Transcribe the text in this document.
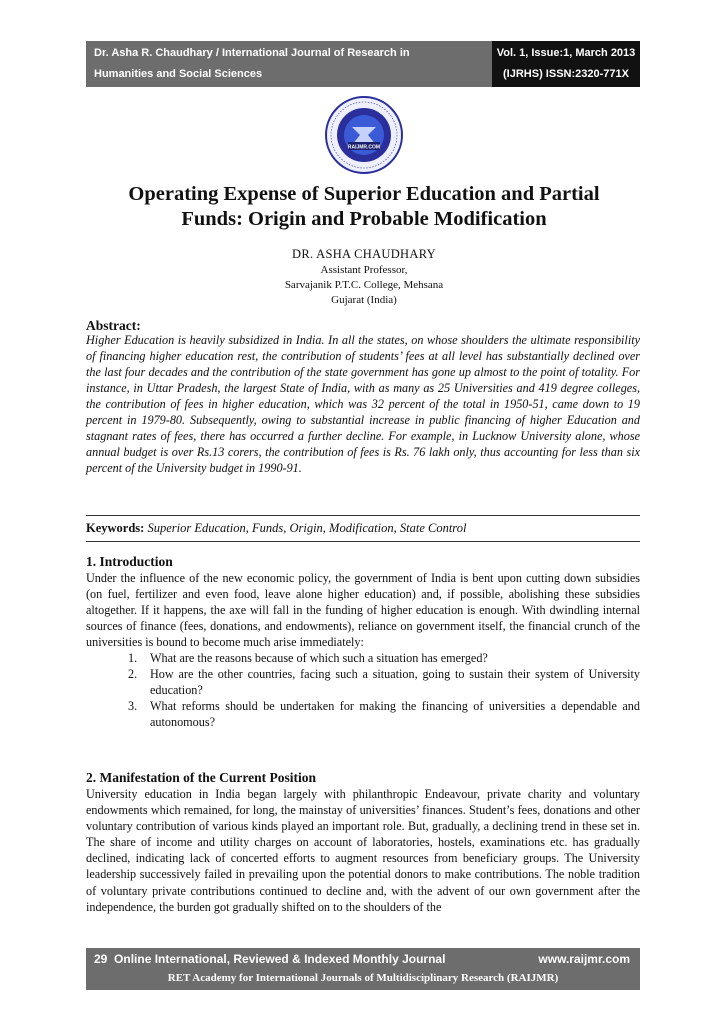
Dr. Asha R. Chaudhary / International Journal of Research in
Humanities and Social Sciences
Vol. 1, Issue:1, March 2013
(IJRHS) ISSN:2320-771X
RAIJMR.COM
Operating Expense of Superior Education and Partial
Funds: Origin and Probable Modification
DR. ASHA CHAUDHARY
Assistant Professor,
Sarvajanik P.T.C. College, Mehsana
Gujarat (India)
Abstract:
Higher Education is heavily subsidized in India. In all the states, on whose shoulders the ultimate responsibility of financing higher education rest, the contribution of students’ fees at all level has substantially declined over the last four decades and the contribution of the state government has gone up almost to the point of totality. For instance, in Uttar Pradesh, the largest State of India, with as many as 25 Universities and 419 degree colleges, the contribution of fees in higher education, which was 32 percent of the total in 1950-51, came down to 19 percent in 1979-80. Subsequently, owing to substantial increase in public financing of higher Education and stagnant rates of fees, there has occurred a further decline. For example, in Lucknow University alone, whose annual budget is over Rs.13 corers, the contribution of fees is Rs. 76 lakh only, thus accounting for less than six percent of the University budget in 1990-91.
Keywords: Superior Education, Funds, Origin, Modification, State Control
1. Introduction
Under the influence of the new economic policy, the government of India is bent upon cutting down subsidies (on fuel, fertilizer and even food, leave alone higher education) and, if possible, abolishing these subsidies altogether. If it happens, the axe will fall in the funding of higher education is enough. With dwindling internal sources of finance (fees, donations, and endowments), reliance on government itself, the financial crunch of the universities is bound to become much arise immediately:
1.	What are the reasons because of which such a situation has emerged?
2.	How are the other countries, facing such a situation, going to sustain their system of University education?
3.	What reforms should be undertaken for making the financing of universities a dependable and autonomous?
2. Manifestation of the Current Position
University education in India began largely with philanthropic Endeavour, private charity and voluntary endowments which remained, for long, the mainstay of universities’ finances. Student’s fees, donations and other voluntary contribution of various kinds played an important role. But, gradually, a declining trend in these set in. The share of income and utility charges on account of laboratories, hostels, examinations etc. has gradually declined, indicating lack of concerted efforts to augment resources from beneficiary groups. The University leadership successively failed in prevailing upon the potential donors to make contributions. The noble tradition of voluntary private contributions continued to decline and, with the advent of our own government after the independence, the burden got gradually shifted on to the shoulders of the
29 Online International, Reviewed & Indexed Monthly Journal	www.raijmr.com
RET Academy for International Journals of Multidisciplinary Research (RAIJMR)
